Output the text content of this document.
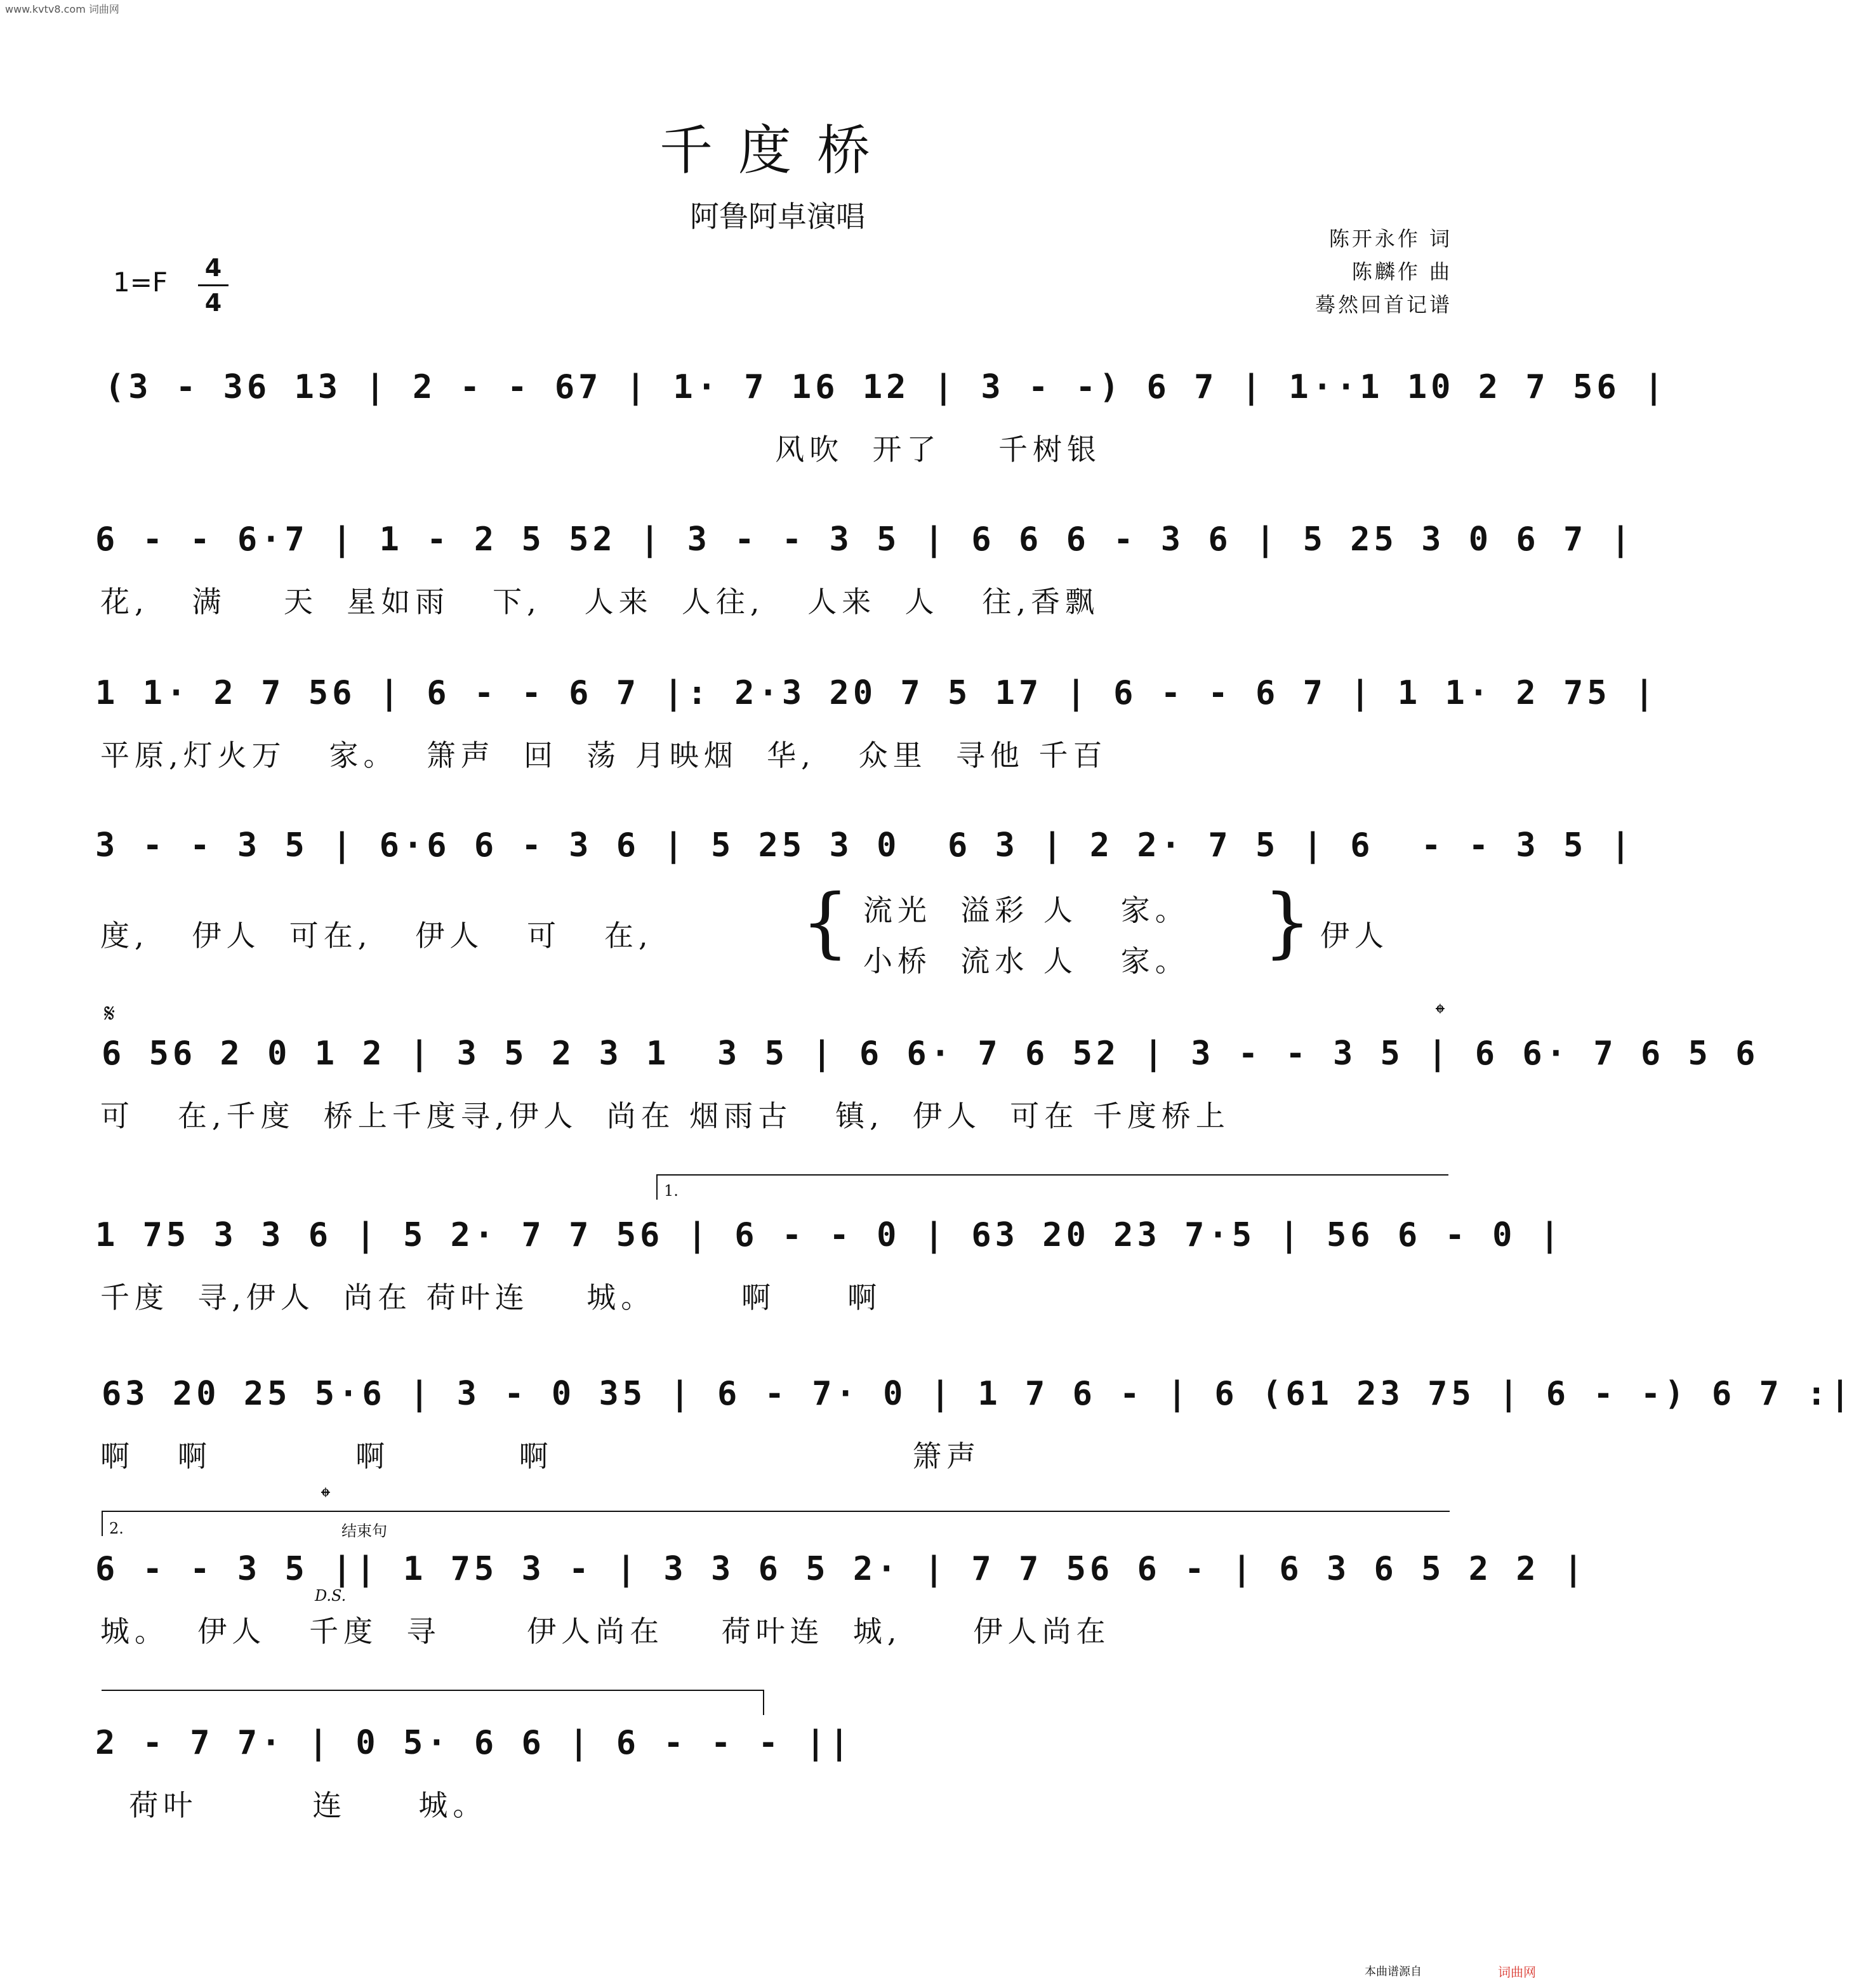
www.kvtv8.com 词曲网
千度桥
阿鲁阿卓演唱
陈开永作 词
陈麟作 曲
蓦然回首记谱
1=F	4
4
(3 - 36 13 | 2 - - 67 | 1· 7 16 12 | 3 - -) 6 7 | 1··1 10 2 7 56 |
风吹  开了    千树银
6 - - 6·7 | 1 - 2 5 52 | 3 - - 3 5 | 6 6 6 - 3 6 | 5 25 3 0 6 7 |
花,   满    天  星如雨   下,   人来  人往,   人来  人   往,香飘
1 1· 2 7 56 | 6 - - 6 7 |: 2·3 20 7 5 17 | 6 - - 6 7 | 1 1· 2 75 |
平原,灯火万   家。  箫声  回  荡 月映烟  华,   众里  寻他 千百
3 - - 3 5 | 6·6 6 - 3 6 | 5 25 3 0  6 3 | 2 2· 7 5 | 6  - - 3 5 |
度,   伊人  可在,   伊人   可   在, { 流光  溢彩 人   家。
小桥  流水 人   家。 } 伊人
𝄋	𝄌
6 56 2 0 1 2 | 3 5 2 3 1  3 5 | 6 6· 7 6 52 | 3 - - 3 5 | 6 6· 7 6 5 6
可   在,千度  桥上千度寻,伊人  尚在 烟雨古   镇,  伊人  可在 千度桥上
1.
1 75 3 3 6 | 5 2· 7 7 56 | 6 - - 0 | 63 20 23 7·5 | 56 6 - 0 |
千度  寻,伊人  尚在 荷叶连    城。      啊     啊
63 20 25 5·6 | 3 - 0 35 | 6 - 7· 0 | 1 7 6 - | 6 (61 23 75 | 6 - -) 6 7 :|
啊   啊          啊         啊                         箫声
2.
𝄌
结束句
6 - - 3 5 || 1 75 3 - | 3 3 6 5 2· | 7 7 56 6 - | 6 3 6 5 2 2 |
D.S.
城。  伊人   千度  寻      伊人尚在    荷叶连  城,     伊人尚在
2 - 7 7· | 0 5· 6 6 | 6 - - - ||
荷叶        连     城。
本曲谱源自	词曲网
